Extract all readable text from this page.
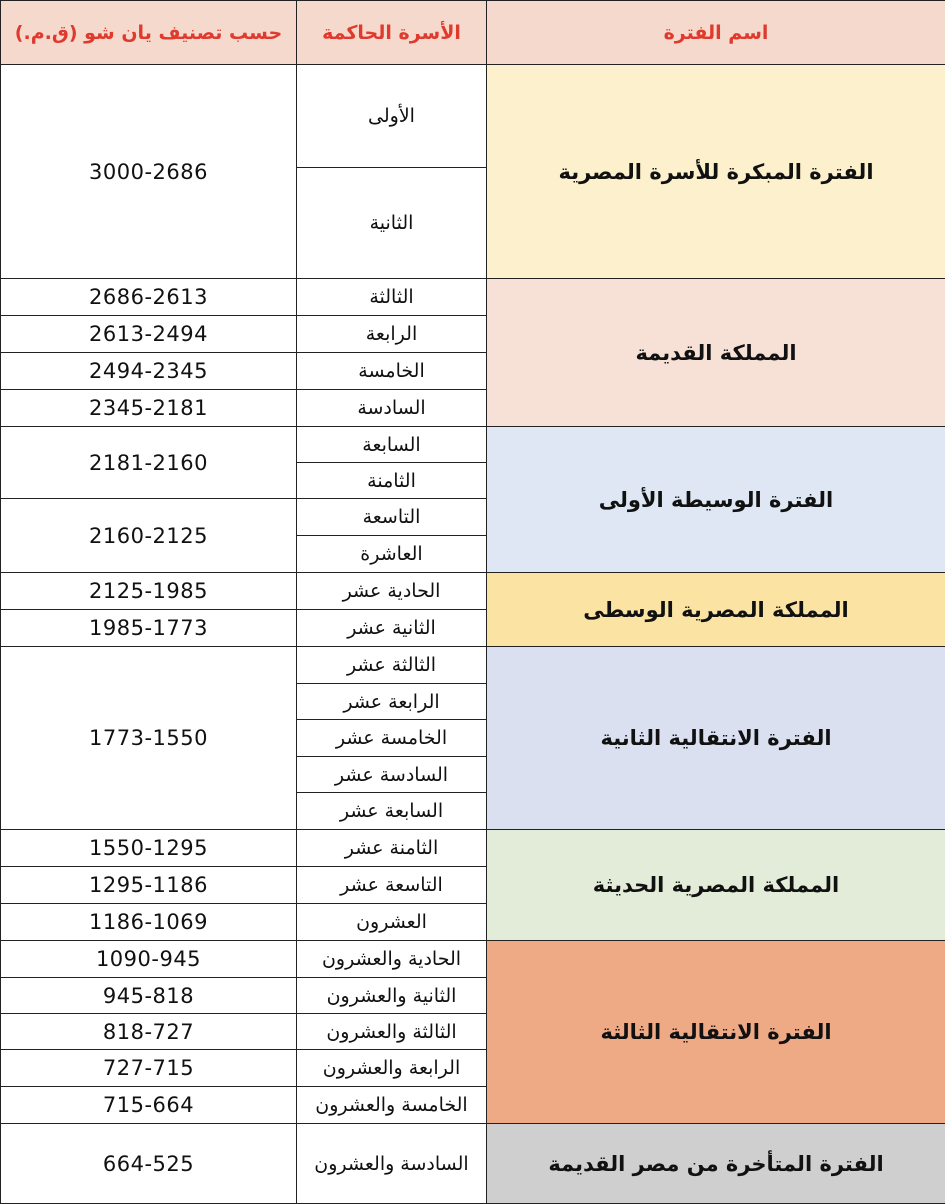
اسم الفترة	الأسرة الحاكمة	حسب تصنيف يان شو (ق.م.)
الفترة المبكرة للأسرة المصرية	الأولى	3000-2686
	الثانية	
المملكة القديمة	الثالثة	2686-2613
	الرابعة	2613-2494
	الخامسة	2494-2345
	السادسة	2345-2181
الفترة الوسيطة الأولى	السابعة	2181-2160
	الثامنة	
	التاسعة	2160-2125
	العاشرة	
المملكة المصرية الوسطى	الحادية عشر	2125-1985
	الثانية عشر	1985-1773
الفترة الانتقالية الثانية	الثالثة عشر	1773-1550
	الرابعة عشر	
	الخامسة عشر	
	السادسة عشر	
	السابعة عشر	
المملكة المصرية الحديثة	الثامنة عشر	1550-1295
	التاسعة عشر	1295-1186
	العشرون	1186-1069
الفترة الانتقالية الثالثة	الحادية والعشرون	1090-945
	الثانية والعشرون	945-818
	الثالثة والعشرون	818-727
	الرابعة والعشرون	727-715
	الخامسة والعشرون	715-664
الفترة المتأخرة من مصر القديمة	السادسة والعشرون	664-525
